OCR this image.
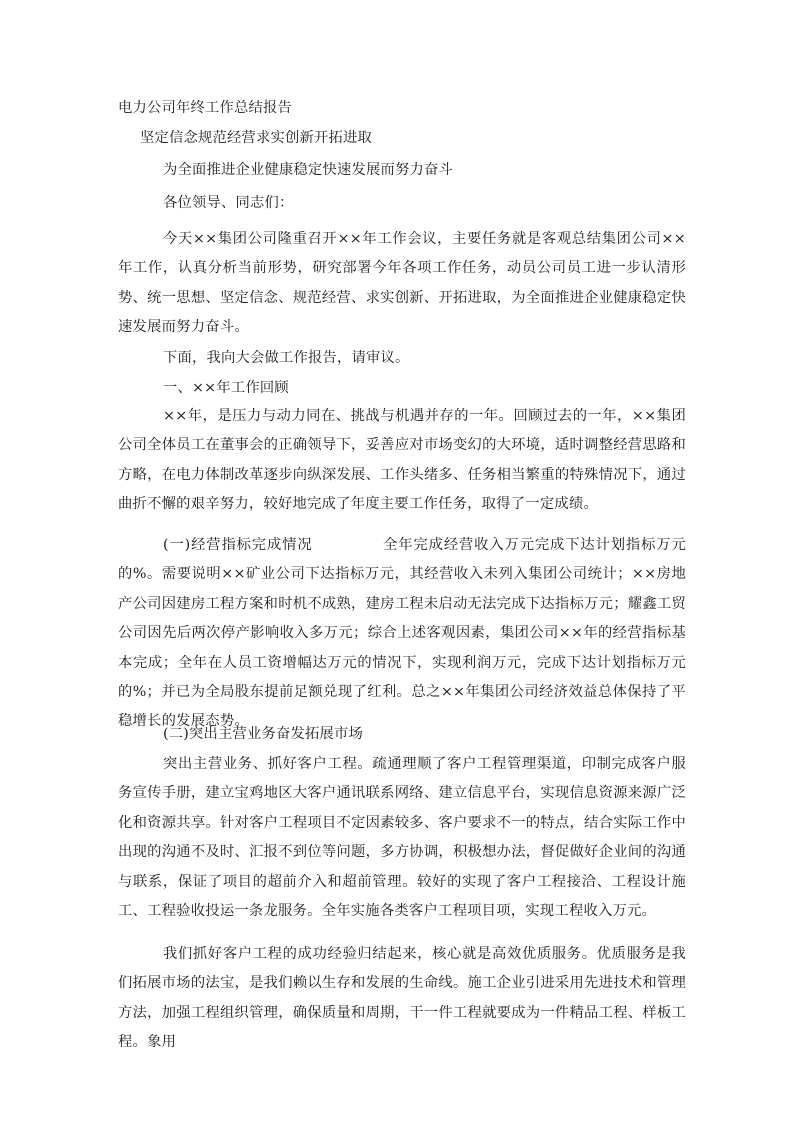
电力公司年终工作总结报告
坚定信念规范经营求实创新开拓进取
为全面推进企业健康稳定快速发展而努力奋斗
各位领导、同志们：
今天××集团公司隆重召开××年工作会议，主要任务就是客观总结集团公司××年工作，认真分析当前形势，研究部署今年各项工作任务，动员公司员工进一步认清形势、统一思想、坚定信念、规范经营、求实创新、开拓进取，为全面推进企业健康稳定快速发展而努力奋斗。
下面，我向大会做工作报告，请审议。
一、××年工作回顾
××年，是压力与动力同在、挑战与机遇并存的一年。回顾过去的一年，××集团公司全体员工在董事会的正确领导下，妥善应对市场变幻的大环境，适时调整经营思路和方略，在电力体制改革逐步向纵深发展、工作头绪多、任务相当繁重的特殊情况下，通过曲折不懈的艰辛努力，较好地完成了年度主要工作任务，取得了一定成绩。
(一)经营指标完成情况	全年完成经营收入万元完成下达计划指标万元的%。需要说明××矿业公司下达指标万元，其经营收入未列入集团公司统计；××房地产公司因建房工程方案和时机不成熟，建房工程未启动无法完成下达指标万元；耀鑫工贸公司因先后两次停产影响收入多万元；综合上述客观因素，集团公司××年的经营指标基本完成；全年在人员工资增幅达万元的情况下，实现利润万元，完成下达计划指标万元的%；并已为全局股东提前足额兑现了红利。总之××年集团公司经济效益总体保持了平稳增长的发展态势。
(二)突出主营业务奋发拓展市场
突出主营业务、抓好客户工程。疏通理顺了客户工程管理渠道，印制完成客户服务宣传手册，建立宝鸡地区大客户通讯联系网络、建立信息平台，实现信息资源来源广泛化和资源共享。针对客户工程项目不定因素较多、客户要求不一的特点，结合实际工作中出现的沟通不及时、汇报不到位等问题，多方协调，积极想办法，督促做好企业间的沟通与联系，保证了项目的超前介入和超前管理。较好的实现了客户工程接洽、工程设计施工、工程验收投运一条龙服务。全年实施各类客户工程项目项，实现工程收入万元。
我们抓好客户工程的成功经验归结起来，核心就是高效优质服务。优质服务是我们拓展市场的法宝，是我们赖以生存和发展的生命线。施工企业引进采用先进技术和管理方法，加强工程组织管理，确保质量和周期，干一件工程就要成为一件精品工程、样板工程。象用
